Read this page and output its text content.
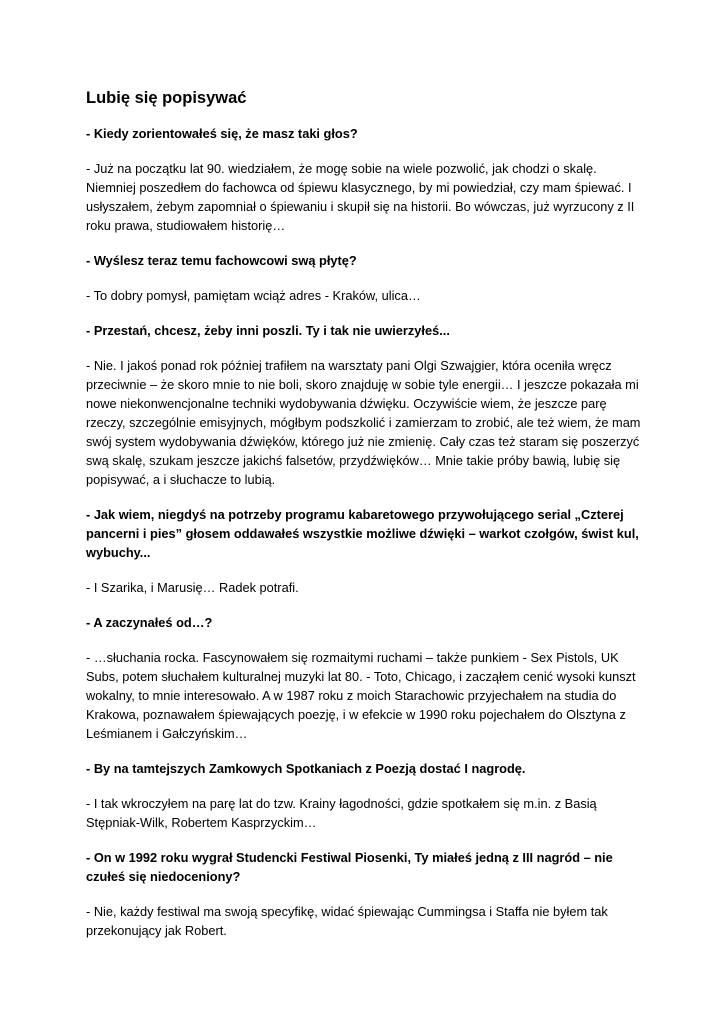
Lubię się popisywać

- Kiedy zorientowałeś się, że masz taki głos?

- Już na początku lat 90. wiedziałem, że mogę sobie na wiele pozwolić, jak chodzi o skalę. Niemniej poszedłem do fachowca od śpiewu klasycznego, by mi powiedział, czy mam śpiewać. I usłyszałem, żebym zapomniał o śpiewaniu i skupił się na historii. Bo wówczas, już wyrzucony z II roku prawa, studiowałem historię…

- Wyślesz teraz temu fachowcowi swą płytę?

- To dobry pomysł, pamiętam wciąż adres - Kraków, ulica…

- Przestań, chcesz, żeby inni poszli. Ty i tak nie uwierzyłeś...

- Nie. I jakoś ponad rok później trafiłem na warsztaty pani Olgi Szwajgier, która oceniła wręcz przeciwnie – że skoro mnie to nie boli, skoro znajduję w sobie tyle energii… I jeszcze pokazała mi nowe niekonwencjonalne techniki wydobywania dźwięku. Oczywiście wiem, że jeszcze parę rzeczy, szczególnie emisyjnych, mógłbym podszkolić i zamierzam to zrobić, ale też wiem, że mam swój system wydobywania dźwięków, którego już nie zmienię. Cały czas też staram się poszerzyć swą skalę, szukam jeszcze jakichś falsetów, przydźwięków… Mnie takie próby bawią, lubię się popisywać, a i słuchacze to lubią.

- Jak wiem, niegdyś na potrzeby programu kabaretowego przywołującego serial „Czterej pancerni i pies” głosem oddawałeś wszystkie możliwe dźwięki – warkot czołgów, świst kul, wybuchy...

- I Szarika, i Marusię… Radek potrafi.

- A zaczynałeś od…?

- …słuchania rocka. Fascynowałem się rozmaitymi ruchami – także punkiem - Sex Pistols, UK Subs, potem słuchałem kulturalnej muzyki lat 80. - Toto, Chicago, i zacząłem cenić wysoki kunszt wokalny, to mnie interesowało. A w 1987 roku z moich Starachowic przyjechałem na studia do Krakowa, poznawałem śpiewających poezję, i w efekcie w 1990 roku pojechałem do Olsztyna z Leśmianem i Gałczyńskim…

- By na tamtejszych Zamkowych Spotkaniach z Poezją dostać I nagrodę.

- I tak wkroczyłem na parę lat do tzw. Krainy łagodności, gdzie spotkałem się m.in. z Basią Stępniak-Wilk, Robertem Kasprzyckim…

- On w 1992 roku wygrał Studencki Festiwal Piosenki, Ty miałeś jedną z III nagród – nie czułeś się niedoceniony?

- Nie, każdy festiwal ma swoją specyfikę, widać śpiewając Cummingsa i Staffa nie byłem tak przekonujący jak Robert.
